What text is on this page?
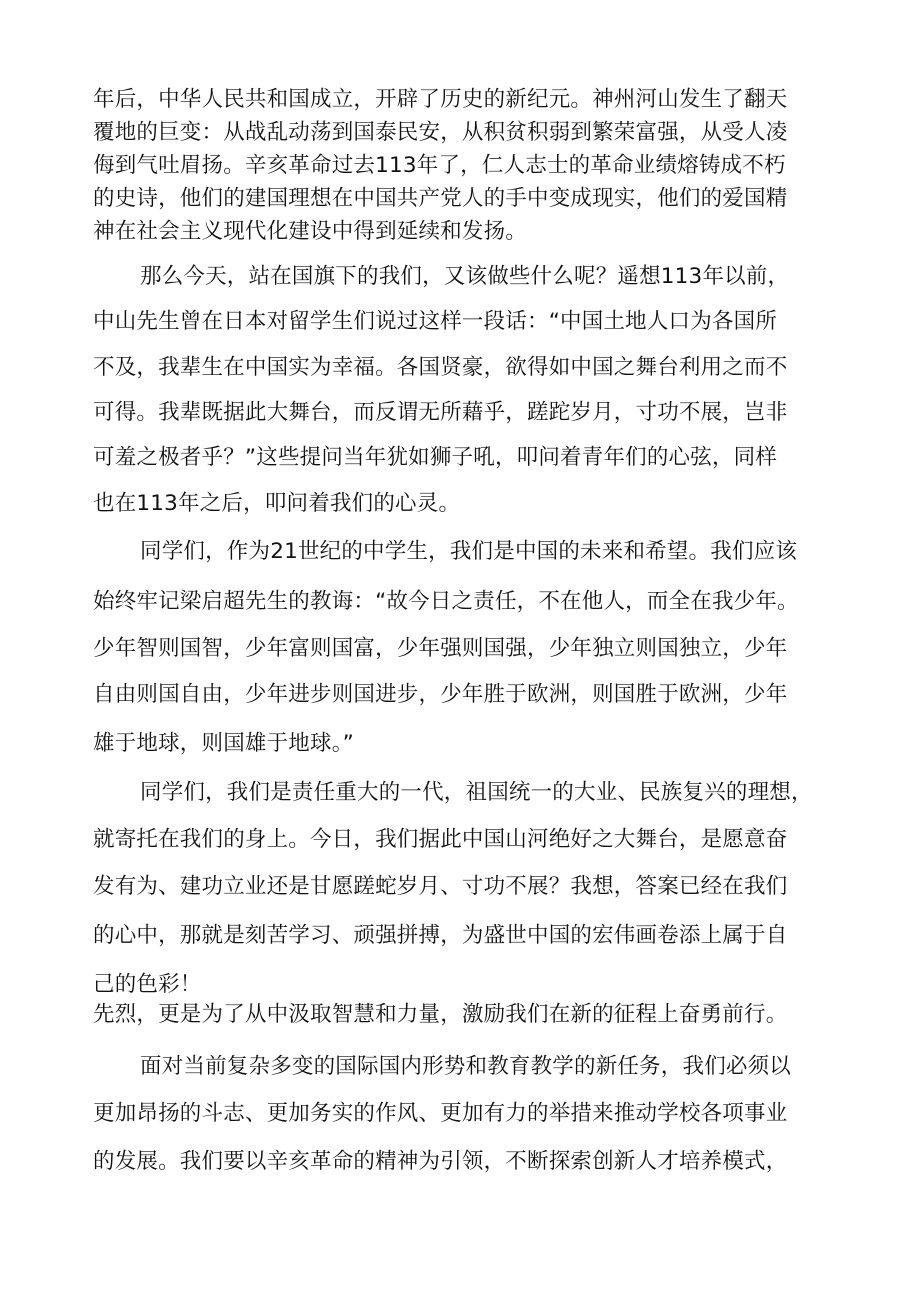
年后，中华人民共和国成立，开辟了历史的新纪元。神州河山发生了翻天
覆地的巨变：从战乱动荡到国泰民安，从积贫积弱到繁荣富强，从受人凌
侮到气吐眉扬。辛亥革命过去113年了，仁人志士的革命业绩熔铸成不朽
的史诗，他们的建国理想在中国共产党人的手中变成现实，他们的爱国精
神在社会主义现代化建设中得到延续和发扬。
那么今天，站在国旗下的我们，又该做些什么呢？遥想113年以前，
中山先生曾在日本对留学生们说过这样一段话：“中国土地人口为各国所
不及，我辈生在中国实为幸福。各国贤豪，欲得如中国之舞台利用之而不
可得。我辈既据此大舞台，而反谓无所藉乎，蹉跎岁月，寸功不展，岂非
可羞之极者乎？”这些提问当年犹如狮子吼，叩问着青年们的心弦，同样
也在113年之后，叩问着我们的心灵。
同学们，作为21世纪的中学生，我们是中国的未来和希望。我们应该
始终牢记梁启超先生的教诲：“故今日之责任，不在他人，而全在我少年。
少年智则国智，少年富则国富，少年强则国强，少年独立则国独立，少年
自由则国自由，少年进步则国进步，少年胜于欧洲，则国胜于欧洲，少年
雄于地球，则国雄于地球。”
同学们，我们是责任重大的一代，祖国统一的大业、民族复兴的理想，
就寄托在我们的身上。今日，我们据此中国山河绝好之大舞台，是愿意奋
发有为、建功立业还是甘愿蹉蛇岁月、寸功不展？我想，答案已经在我们
的心中，那就是刻苦学习、顽强拼搏，为盛世中国的宏伟画卷添上属于自
己的色彩！
先烈，更是为了从中汲取智慧和力量，激励我们在新的征程上奋勇前行。
面对当前复杂多变的国际国内形势和教育教学的新任务，我们必须以
更加昂扬的斗志、更加务实的作风、更加有力的举措来推动学校各项事业
的发展。我们要以辛亥革命的精神为引领，不断探索创新人才培养模式，
